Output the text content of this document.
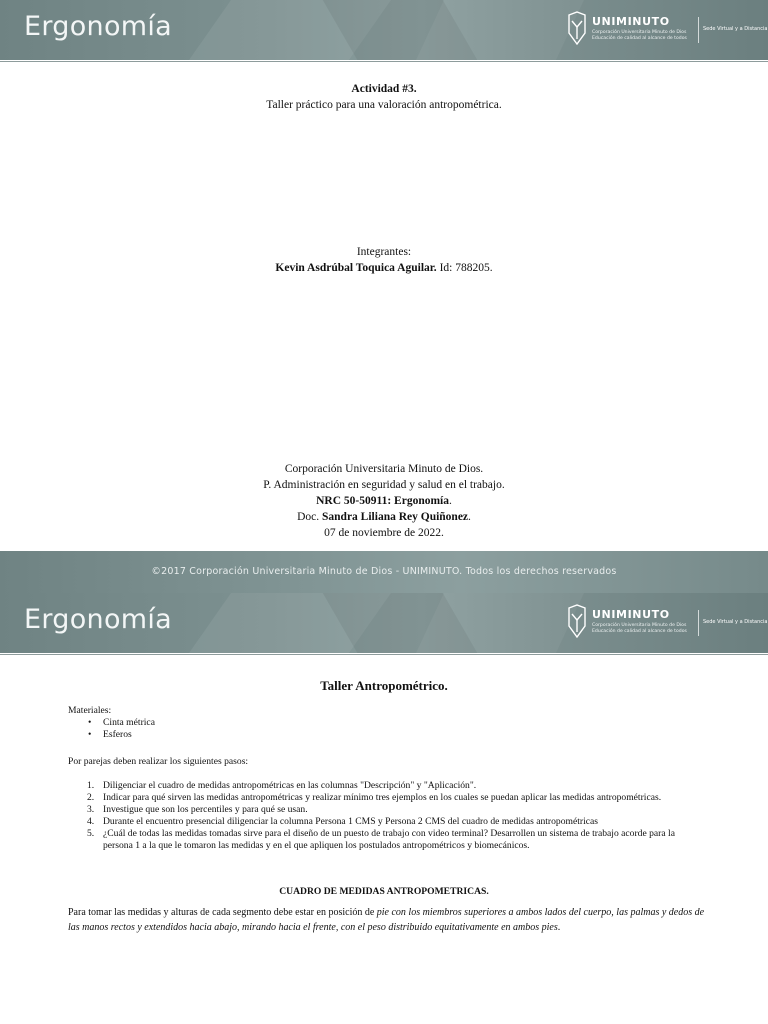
Ergonomía	UNIMINUTO
Corporación Universitaria Minuto de Dios
Educación de calidad al alcance de todos
Sede Virtual y a Distancia
Actividad #3.
Taller práctico para una valoración antropométrica.
Integrantes:
Kevin Asdrúbal Toquica Aguilar. Id: 788205.
Corporación Universitaria Minuto de Dios.
P. Administración en seguridad y salud en el trabajo.
NRC 50-50911: Ergonomía.
Doc. Sandra Liliana Rey Quiñonez.
07 de noviembre de 2022.
©2017 Corporación Universitaria Minuto de Dios - UNIMINUTO. Todos los derechos reservados
Ergonomía	UNIMINUTO
Corporación Universitaria Minuto de Dios
Educación de calidad al alcance de todos
Sede Virtual y a Distancia
Taller Antropométrico.
Materiales:
• Cinta métrica
• Esferos
Por parejas deben realizar los siguientes pasos:
1. Diligenciar el cuadro de medidas antropométricas en las columnas "Descripción" y "Aplicación".
2. Indicar para qué sirven las medidas antropométricas y realizar mínimo tres ejemplos en los cuales se puedan aplicar las medidas antropométricas.
3. Investigue que son los percentiles y para qué se usan.
4. Durante el encuentro presencial diligenciar la columna Persona 1 CMS y Persona 2 CMS del cuadro de medidas antropométricas
5. ¿Cuál de todas las medidas tomadas sirve para el diseño de un puesto de trabajo con video terminal? Desarrollen un sistema de trabajo acorde para la persona 1 a la que le tomaron las medidas y en el que apliquen los postulados antropométricos y biomecánicos.
CUADRO DE MEDIDAS ANTROPOMETRICAS.
Para tomar las medidas y alturas de cada segmento debe estar en posición de pie con los miembros superiores a ambos lados del cuerpo, las palmas y dedos de las manos rectos y extendidos hacia abajo, mirando hacia el frente, con el peso distribuido equitativamente en ambos pies.
